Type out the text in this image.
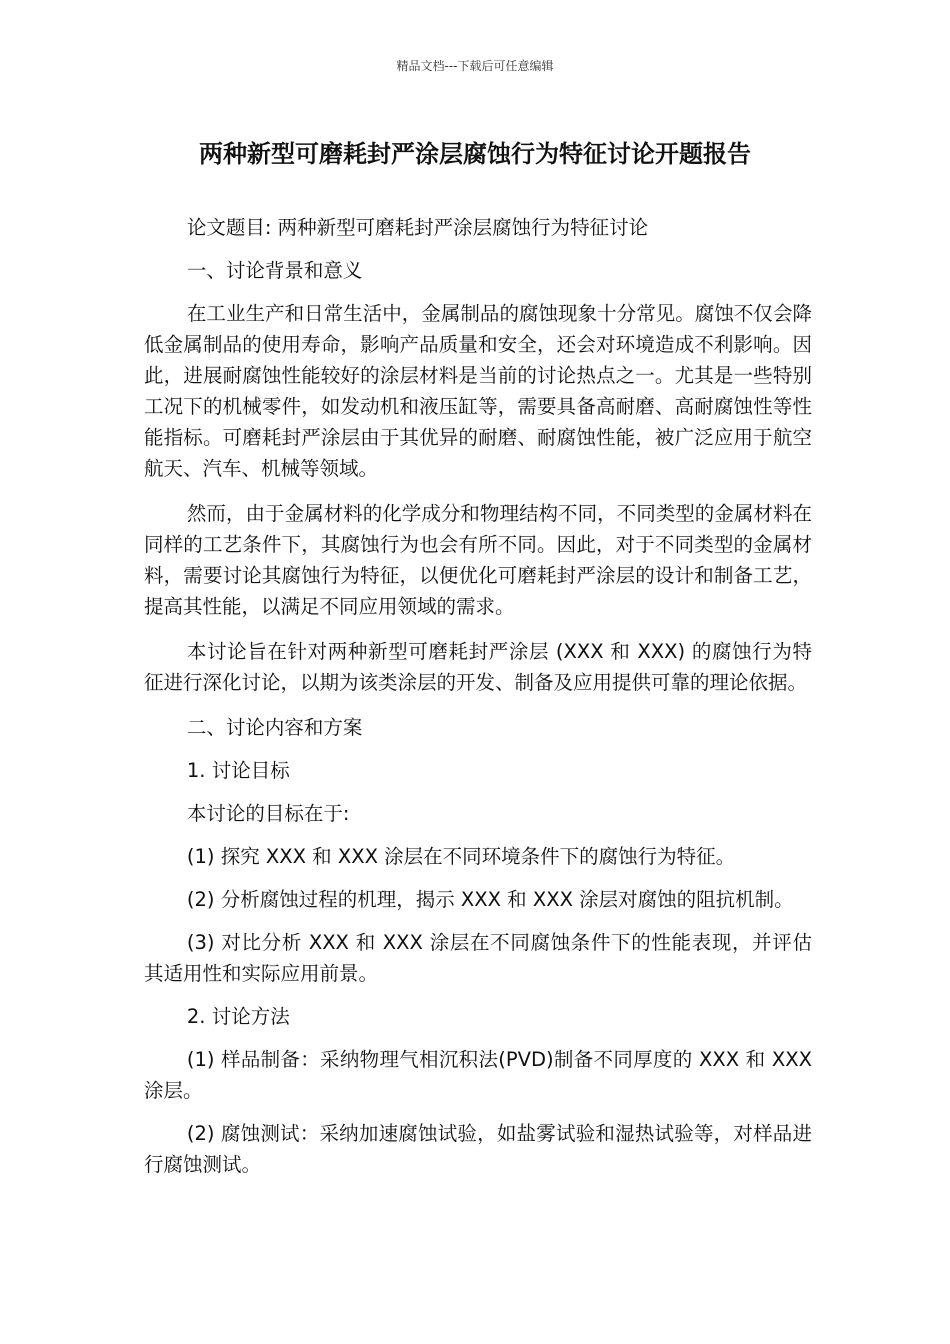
精品文档---下载后可任意编辑
两种新型可磨耗封严涂层腐蚀行为特征讨论开题报告

论文题目: 两种新型可磨耗封严涂层腐蚀行为特征讨论

一、讨论背景和意义

在工业生产和日常生活中，金属制品的腐蚀现象十分常见。腐蚀不仅会降低金属制品的使用寿命，影响产品质量和安全，还会对环境造成不利影响。因此，进展耐腐蚀性能较好的涂层材料是当前的讨论热点之一。尤其是一些特别工况下的机械零件，如发动机和液压缸等，需要具备高耐磨、高耐腐蚀性等性能指标。可磨耗封严涂层由于其优异的耐磨、耐腐蚀性能，被广泛应用于航空航天、汽车、机械等领域。

然而，由于金属材料的化学成分和物理结构不同，不同类型的金属材料在同样的工艺条件下，其腐蚀行为也会有所不同。因此，对于不同类型的金属材料，需要讨论其腐蚀行为特征，以便优化可磨耗封严涂层的设计和制备工艺，提高其性能，以满足不同应用领域的需求。

本讨论旨在针对两种新型可磨耗封严涂层 (XXX 和 XXX) 的腐蚀行为特征进行深化讨论，以期为该类涂层的开发、制备及应用提供可靠的理论依据。

二、讨论内容和方案

1. 讨论目标

本讨论的目标在于:

(1) 探究 XXX 和 XXX 涂层在不同环境条件下的腐蚀行为特征。

(2) 分析腐蚀过程的机理，揭示 XXX 和 XXX 涂层对腐蚀的阻抗机制。

(3) 对比分析 XXX 和 XXX 涂层在不同腐蚀条件下的性能表现，并评估其适用性和实际应用前景。

2. 讨论方法

(1) 样品制备：采纳物理气相沉积法(PVD)制备不同厚度的 XXX 和 XXX 涂层。

(2) 腐蚀测试：采纳加速腐蚀试验，如盐雾试验和湿热试验等，对样品进行腐蚀测试。
